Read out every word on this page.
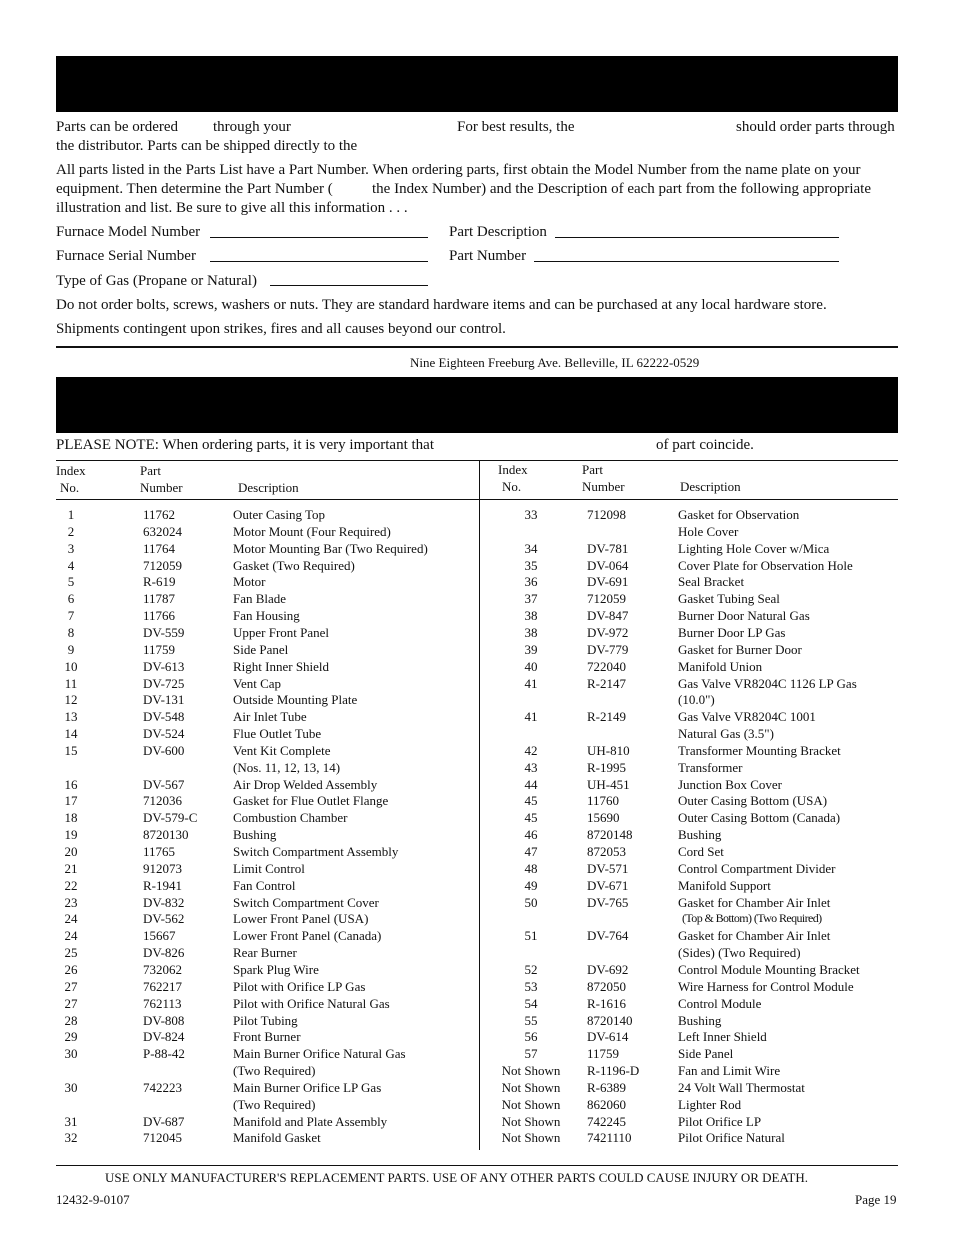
Parts can be ordered through your	For best results, the	should order parts through
the distributor. Parts can be shipped directly to the
All parts listed in the Parts List have a Part Number. When ordering parts, first obtain the Model Number from the name plate on your
equipment. Then determine the Part Number (	the Index Number) and the Description of each part from the following appropriate
illustration and list. Be sure to give all this information . . .
Furnace Model Number	Part Description
Furnace Serial Number	Part Number
Type of Gas (Propane or Natural)
Do not order bolts, screws, washers or nuts. They are standard hardware items and can be purchased at any local hardware store.
Shipments contingent upon strikes, fires and all causes beyond our control.
Nine Eighteen Freeburg Ave. Belleville, IL 62222-0529
PLEASE NOTE: When ordering parts, it is very important that	of part coincide.
Index
No.
Part
Number	Description
Index
No.
Part
Number	Description
1	11762	Outer Casing Top
2	632024	Motor Mount (Four Required)
3	11764	Motor Mounting Bar (Two Required)
4	712059	Gasket (Two Required)
5	R-619	Motor
6	11787	Fan Blade
7	11766	Fan Housing
8	DV-559	Upper Front Panel
9	11759	Side Panel
10	DV-613	Right Inner Shield
11	DV-725	Vent Cap
12	DV-131	Outside Mounting Plate
13	DV-548	Air Inlet Tube
14	DV-524	Flue Outlet Tube
15	DV-600	Vent Kit Complete
(Nos. 11, 12, 13, 14)
16	DV-567	Air Drop Welded Assembly
17	712036	Gasket for Flue Outlet Flange
18	DV-579-C	Combustion Chamber
19	8720130	Bushing
20	11765	Switch Compartment Assembly
21	912073	Limit Control
22	R-1941	Fan Control
23	DV-832	Switch Compartment Cover
24	DV-562	Lower Front Panel (USA)
24	15667	Lower Front Panel (Canada)
25	DV-826	Rear Burner
26	732062	Spark Plug Wire
27	762217	Pilot with Orifice LP Gas
27	762113	Pilot with Orifice Natural Gas
28	DV-808	Pilot Tubing
29	DV-824	Front Burner
30	P-88-42	Main Burner Orifice Natural Gas
(Two Required)
30	742223	Main Burner Orifice LP Gas
(Two Required)
31	DV-687	Manifold and Plate Assembly
32	712045	Manifold Gasket
33	712098	Gasket for Observation
Hole Cover
34	DV-781	Lighting Hole Cover w/Mica
35	DV-064	Cover Plate for Observation Hole
36	DV-691	Seal Bracket
37	712059	Gasket Tubing Seal
38	DV-847	Burner Door Natural Gas
38	DV-972	Burner Door LP Gas
39	DV-779	Gasket for Burner Door
40	722040	Manifold Union
41	R-2147	Gas Valve VR8204C 1126 LP Gas
(10.0")
41	R-2149	Gas Valve VR8204C 1001
Natural Gas (3.5")
42	UH-810	Transformer Mounting Bracket
43	R-1995	Transformer
44	UH-451	Junction Box Cover
45	11760	Outer Casing Bottom (USA)
45	15690	Outer Casing Bottom (Canada)
46	8720148	Bushing
47	872053	Cord Set
48	DV-571	Control Compartment Divider
49	DV-671	Manifold Support
50	DV-765	Gasket for Chamber Air Inlet
(Top & Bottom) (Two Required)
51	DV-764	Gasket for Chamber Air Inlet
(Sides) (Two Required)
52	DV-692	Control Module Mounting Bracket
53	872050	Wire Harness for Control Module
54	R-1616	Control Module
55	8720140	Bushing
56	DV-614	Left Inner Shield
57	11759	Side Panel
Not Shown	R-1196-D	Fan and Limit Wire
Not Shown	R-6389	24 Volt Wall Thermostat
Not Shown	862060	Lighter Rod
Not Shown	742245	Pilot Orifice LP
Not Shown	7421110	Pilot Orifice Natural
USE ONLY MANUFACTURER'S REPLACEMENT PARTS. USE OF ANY OTHER PARTS COULD CAUSE INJURY OR DEATH.
12432-9-0107	Page 19
